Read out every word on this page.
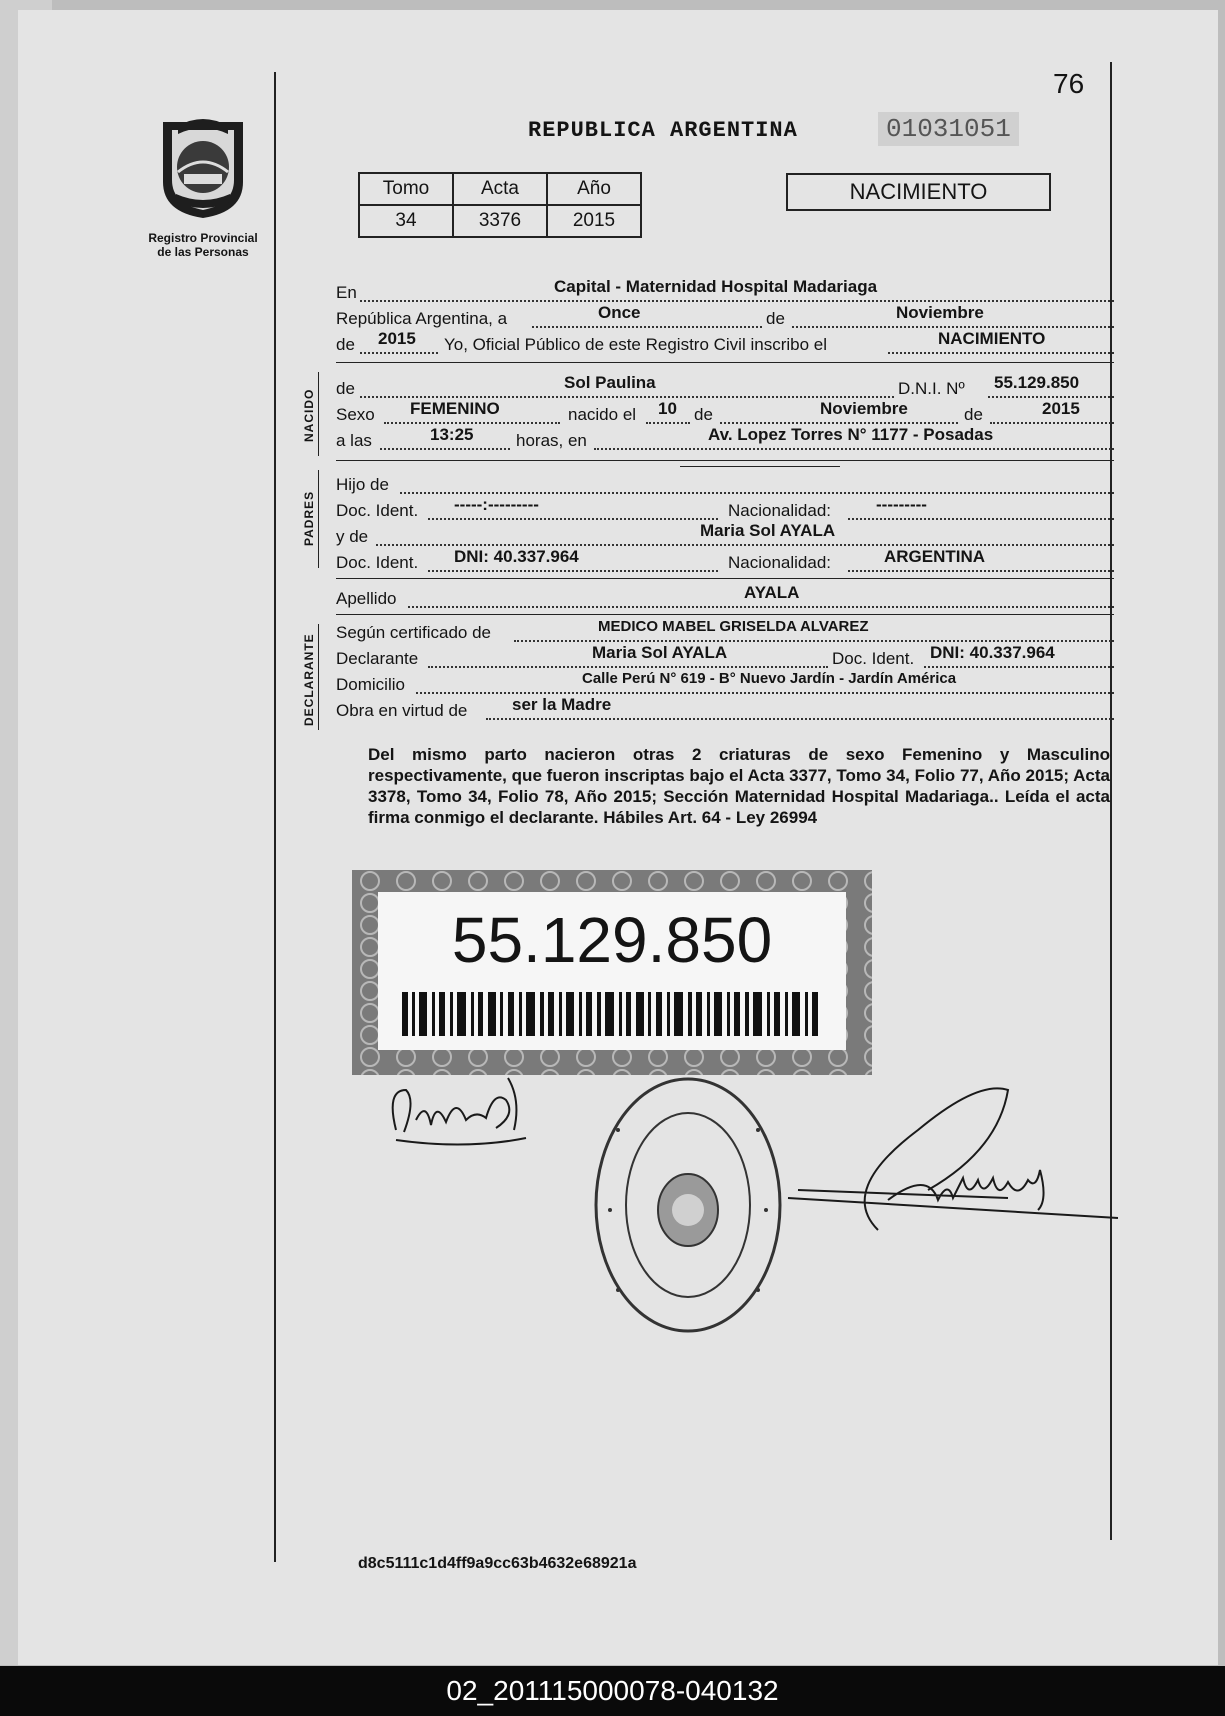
76
Registro Provincial
de las Personas
REPUBLICA ARGENTINA	01031051
Tomo	Acta	Año
34	3376	2015
NACIMIENTO
En	Capital - Maternidad Hospital Madariaga
República Argentina, a	Once	de	Noviembre
de 2015 Yo, Oficial Público de este Registro Civil inscribo el	NACIMIENTO
NACIDO
de	Sol Paulina	D.N.I. Nº 55.129.850
Sexo FEMENINO	nacido el 10 de	Noviembre	de	2015
a las	13:25	horas, en	Av. Lopez Torres N° 1177 - Posadas
PADRES
Hijo de
Doc. Ident. -----:---------	Nacionalidad:	---------
y de	Maria Sol AYALA
Doc. Ident. DNI: 40.337.964	Nacionalidad:	ARGENTINA
Apellido	AYALA
DECLARANTE
Según certificado de	MEDICO MABEL GRISELDA ALVAREZ
Declarante	Maria Sol AYALA	Doc. Ident. DNI: 40.337.964
Domicilio	Calle Perú N° 619 - B° Nuevo Jardín - Jardín América
Obra en virtud de	ser la Madre
Del mismo parto nacieron otras 2 criaturas de sexo Femenino y Masculino respectivamente, que fueron inscriptas bajo el Acta 3377, Tomo 34, Folio 77, Año 2015; Acta 3378, Tomo 34, Folio 78, Año 2015; Sección Maternidad Hospital Madariaga.. Leída el acta firma conmigo el declarante. Hábiles Art. 64 - Ley 26994
55.129.850
d8c5111c1d4ff9a9cc63b4632e68921a
02_201115000078-040132
